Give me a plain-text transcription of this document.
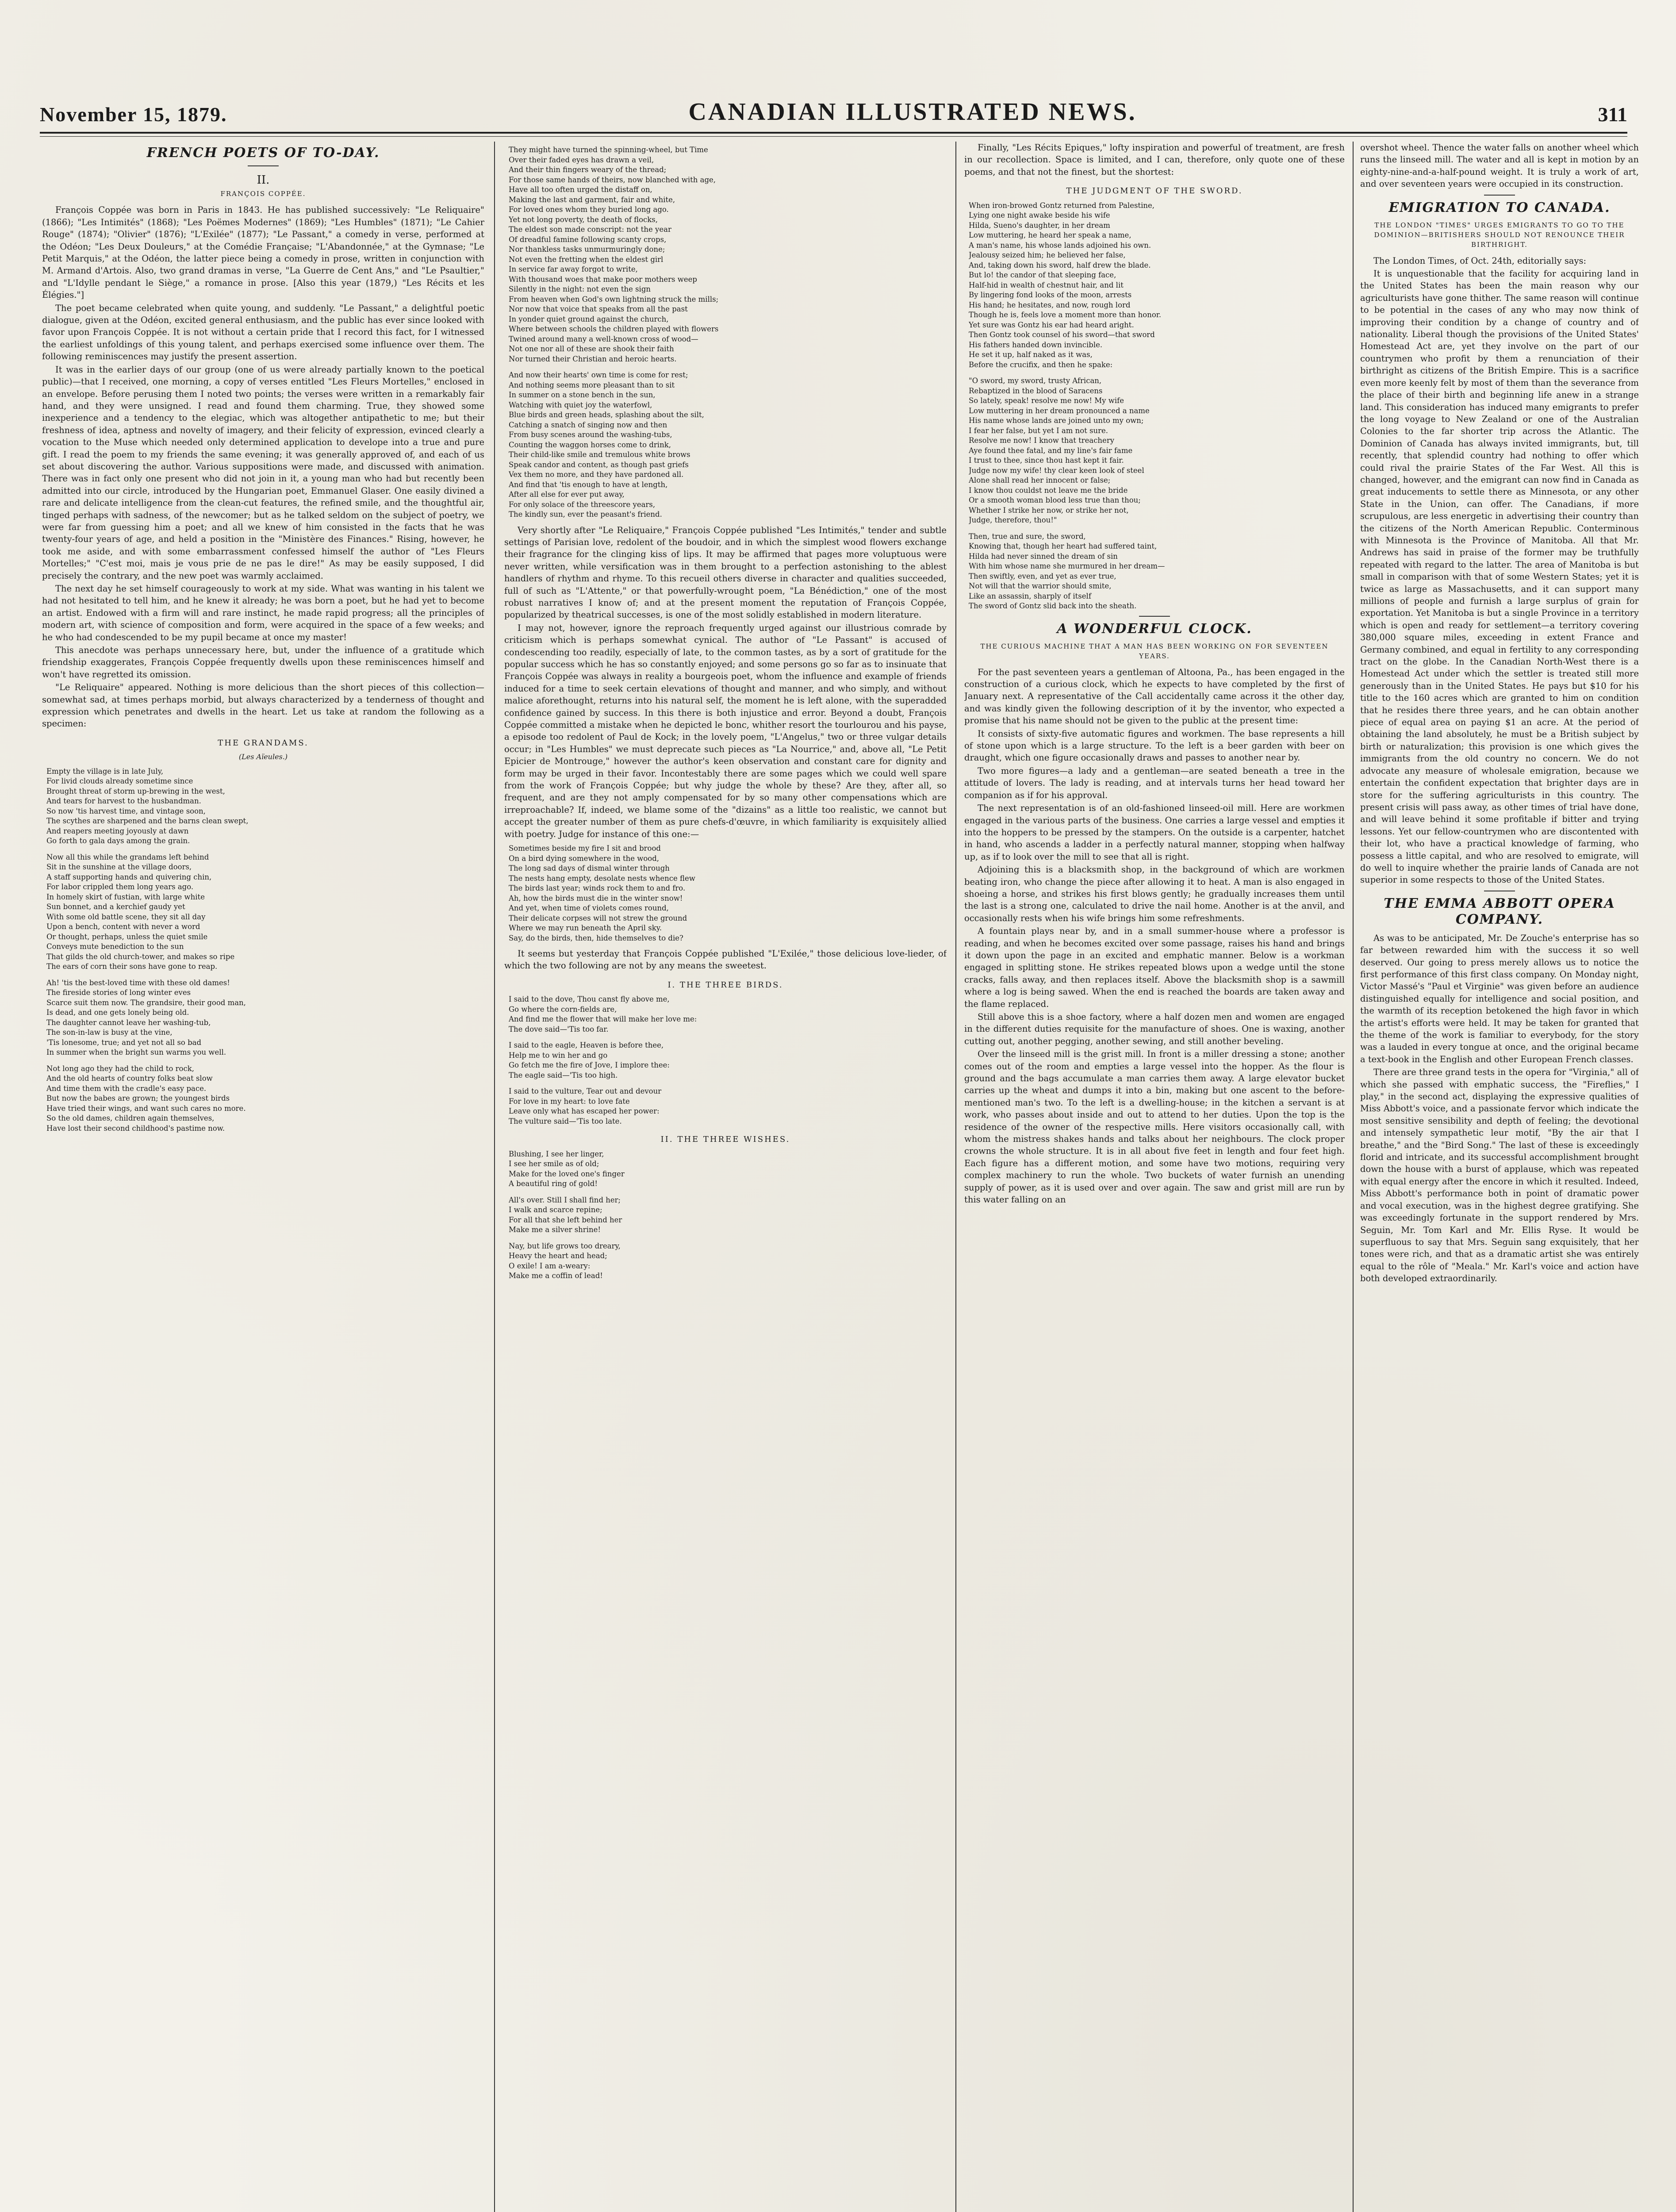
November 15, 1879.	CANADIAN ILLUSTRATED NEWS.	311
FRENCH POETS OF TO-DAY.
II.
FRANÇOIS COPPÉE.

François Coppée was born in Paris in 1843. He has published successively: "Le Reliquaire" (1866); "Les Intimités" (1868); "Les Poëmes Modernes" (1869); "Les Humbles" (1871); "Le Cahier Rouge" (1874); "Olivier" (1876); "L'Exilée" (1877); "Le Passant," a comedy in verse, performed at the Odéon; "Les Deux Douleurs," at the Comédie Française; "L'Abandonnée," at the Gymnase; "Le Petit Marquis," at the Odéon, the latter piece being a comedy in prose, written in conjunction with M. Armand d'Artois. Also, two grand dramas in verse, "La Guerre de Cent Ans," and "Le Psaultier," and "L'Idylle pendant le Siège," a romance in prose. [Also this year (1879,) "Les Récits et les Élégies."]

The poet became celebrated when quite young, and suddenly. "Le Passant," a delightful poetic dialogue, given at the Odéon, excited general enthusiasm, and the public has ever since looked with favor upon François Coppée. It is not without a certain pride that I record this fact, for I witnessed the earliest unfoldings of this young talent, and perhaps exercised some influence over them. The following reminiscences may justify the present assertion.

It was in the earlier days of our group (one of us were already partially known to the poetical public)—that I received, one morning, a copy of verses entitled "Les Fleurs Mortelles," enclosed in an envelope. Before perusing them I noted two points; the verses were written in a remarkably fair hand, and they were unsigned. I read and found them charming. True, they showed some inexperience and a tendency to the elegiac, which was altogether antipathetic to me; but their freshness of idea, aptness and novelty of imagery, and their felicity of expression, evinced clearly a vocation to the Muse which needed only determined application to develope into a true and pure gift. I read the poem to my friends the same evening; it was generally approved of, and each of us set about discovering the author. Various suppositions were made, and discussed with animation. There was in fact only one present who did not join in it, a young man who had but recently been admitted into our circle, introduced by the Hungarian poet, Emmanuel Glaser. One easily divined a rare and delicate intelligence from the clean-cut features, the refined smile, and the thoughtful air, tinged perhaps with sadness, of the newcomer; but as he talked seldom on the subject of poetry, we were far from guessing him a poet; and all we knew of him consisted in the facts that he was twenty-four years of age, and held a position in the "Ministère des Finances." Rising, however, he took me aside, and with some embarrassment confessed himself the author of "Les Fleurs Mortelles;" "C'est moi, mais je vous prie de ne pas le dire!" As may be easily supposed, I did precisely the contrary, and the new poet was warmly acclaimed.

The next day he set himself courageously to work at my side. What was wanting in his talent we had not hesitated to tell him, and he knew it already; he was born a poet, but he had yet to become an artist. Endowed with a firm will and rare instinct, he made rapid progress; all the principles of modern art, with science of composition and form, were acquired in the space of a few weeks; and he who had condescended to be my pupil became at once my master!

This anecdote was perhaps unnecessary here, but, under the influence of a gratitude which friendship exaggerates, François Coppée frequently dwells upon these reminiscences himself and won't have regretted its omission.

"Le Reliquaire" appeared. Nothing is more delicious than the short pieces of this collection—somewhat sad, at times perhaps morbid, but always characterized by a tenderness of thought and expression which penetrates and dwells in the heart. Let us take at random the following as a specimen:

THE GRANDAMS.
(Les Aïeules.)
Empty the village is in late July,
For livid clouds already sometime since
Brought threat of storm up-brewing in the west,
And tears for harvest to the husbandman.
So now 'tis harvest time, and vintage soon,
The scythes are sharpened and the barns clean swept,
And reapers meeting joyously at dawn
Go forth to gala days among the grain.
Now all this while the grandams left behind
Sit in the sunshine at the village doors,
A staff supporting hands and quivering chin,
For labor crippled them long years ago.
In homely skirt of fustian, with large white
Sun bonnet, and a kerchief gaudy yet
With some old battle scene, they sit all day
Upon a bench, content with never a word
Or thought, perhaps, unless the quiet smile
Conveys mute benediction to the sun
That gilds the old church-tower, and makes so ripe
The ears of corn their sons have gone to reap.
Ah! 'tis the best-loved time with these old dames!
The fireside stories of long winter eves
Scarce suit them now. The grandsire, their good man,
Is dead, and one gets lonely being old.
The daughter cannot leave her washing-tub,
The son-in-law is busy at the vine,
'Tis lonesome, true; and yet not all so bad
In summer when the bright sun warms you well.
Not long ago they had the child to rock,
And the old hearts of country folks beat slow
And time them with the cradle's easy pace.
But now the babes are grown; the youngest birds
Have tried their wings, and want such cares no more.
So the old dames, children again themselves,
Have lost their second childhood's pastime now.
They might have turned the spinning-wheel, but Time
Over their faded eyes has drawn a veil,
And their thin fingers weary of the thread;
For those same hands of theirs, now blanched with age,
Have all too often urged the distaff on,
Making the last and garment, fair and white,
For loved ones whom they buried long ago.
Yet not long poverty, the death of flocks,
The eldest son made conscript: not the year
Of dreadful famine following scanty crops,
Nor thankless tasks unmurmuringly done;
Not even the fretting when the eldest girl
In service far away forgot to write,
With thousand woes that make poor mothers weep
Silently in the night: not even the sign
From heaven when God's own lightning struck the mills;
Nor now that voice that speaks from all the past
In yonder quiet ground against the church,
Where between schools the children played with flowers
Twined around many a well-known cross of wood—
Not one nor all of these are shook their faith
Nor turned their Christian and heroic hearts.
And now their hearts' own time is come for rest;
And nothing seems more pleasant than to sit
In summer on a stone bench in the sun,
Watching with quiet joy the waterfowl,
Blue birds and green heads, splashing about the silt,
Catching a snatch of singing now and then
From busy scenes around the washing-tubs,
Counting the waggon horses come to drink,
Their child-like smile and tremulous white brows
Speak candor and content, as though past griefs
Vex them no more, and they have pardoned all.
And find that 'tis enough to have at length,
After all else for ever put away,
For only solace of the threescore years,
The kindly sun, ever the peasant's friend.

Very shortly after "Le Reliquaire," François Coppée published "Les Intimités," tender and subtle settings of Parisian love, redolent of the boudoir, and in which the simplest wood flowers exchange their fragrance for the clinging kiss of lips. It may be affirmed that pages more voluptuous were never written, while versification was in them brought to a perfection astonishing to the ablest handlers of rhythm and rhyme. To this recueil others diverse in character and qualities succeeded, full of such as "L'Attente," or that powerfully-wrought poem, "La Bénédiction," one of the most robust narratives I know of; and at the present moment the reputation of François Coppée, popularized by theatrical successes, is one of the most solidly established in modern literature.

I may not, however, ignore the reproach frequently urged against our illustrious comrade by criticism which is perhaps somewhat cynical. The author of "Le Passant" is accused of condescending too readily, especially of late, to the common tastes, as by a sort of gratitude for the popular success which he has so constantly enjoyed; and some persons go so far as to insinuate that François Coppée was always in reality a bourgeois poet, whom the influence and example of friends induced for a time to seek certain elevations of thought and manner, and who simply, and without malice aforethought, returns into his natural self, the moment he is left alone, with the superadded confidence gained by success. In this there is both injustice and error. Beyond a doubt, François Coppée committed a mistake when he depicted le bonc, whither resort the tourlourou and his payse, a episode too redolent of Paul de Kock; in the lovely poem, "L'Angelus," two or three vulgar details occur; in "Les Humbles" we must deprecate such pieces as "La Nourrice," and, above all, "Le Petit Epicier de Montrouge," however the author's keen observation and constant care for dignity and form may be urged in their favor. Incontestably there are some pages which we could well spare from the work of François Coppée; but why judge the whole by these? Are they, after all, so frequent, and are they not amply compensated for by so many other compensations which are irreproachable? If, indeed, we blame some of the "dizains" as a little too realistic, we cannot but accept the greater number of them as pure chefs-d'œuvre, in which familiarity is exquisitely allied with poetry. Judge for instance of this one:—

Sometimes beside my fire I sit and brood
On a bird dying somewhere in the wood,
The long sad days of dismal winter through
The nests hang empty, desolate nests whence flew
The birds last year; winds rock them to and fro.
Ah, how the birds must die in the winter snow!
And yet, when time of violets comes round,
Their delicate corpses will not strew the ground
Where we may run beneath the April sky.
Say, do the birds, then, hide themselves to die?

It seems but yesterday that François Coppée published "L'Exilée," those delicious love-lieder, of which the two following are not by any means the sweetest.

I. THE THREE BIRDS.
I said to the dove, Thou canst fly above me,
Go where the corn-fields are,
And find me the flower that will make her love me:
The dove said—'Tis too far.
I said to the eagle, Heaven is before thee,
Help me to win her and go
Go fetch me the fire of Jove, I implore thee:
The eagle said—'Tis too high.
I said to the vulture, Tear out and devour
For love in my heart: to love fate
Leave only what has escaped her power:
The vulture said—'Tis too late.
II. THE THREE WISHES.
Blushing, I see her linger,
I see her smile as of old;
Make for the loved one's finger
A beautiful ring of gold!
All's over. Still I shall find her;
I walk and scarce repine;
For all that she left behind her
Make me a silver shrine!
Nay, but life grows too dreary,
Heavy the heart and head;
O exile! I am a-weary:
Make me a coffin of lead!

Finally, "Les Récits Epiques," lofty inspiration and powerful of treatment, are fresh in our recollection. Space is limited, and I can, therefore, only quote one of these poems, and that not the finest, but the shortest:

THE JUDGMENT OF THE SWORD.
When iron-browed Gontz returned from Palestine,
Lying one night awake beside his wife
Hilda, Sueno's daughter, in her dream
Low muttering, he heard her speak a name,
A man's name, his whose lands adjoined his own.
Jealousy seized him; he believed her false,
And, taking down his sword, half drew the blade.
But lo! the candor of that sleeping face,
Half-hid in wealth of chestnut hair, and lit
By lingering fond looks of the moon, arrests
His hand; he hesitates, and now, rough lord
Though he is, feels love a moment more than honor.
Yet sure was Gontz his ear had heard aright.
Then Gontz took counsel of his sword—that sword
His fathers handed down invincible.
He set it up, half naked as it was,
Before the crucifix, and then he spake:
"O sword, my sword, trusty African,
Rebaptized in the blood of Saracens
So lately, speak! resolve me now! My wife
Low muttering in her dream pronounced a name
His name whose lands are joined unto my own;
I fear her false, but yet I am not sure.
Resolve me now! I know that treachery
Aye found thee fatal, and my line's fair fame
I trust to thee, since thou hast kept it fair.
Judge now my wife! thy clear keen look of steel
Alone shall read her innocent or false;
I know thou couldst not leave me the bride
Or a smooth woman blood less true than thou;
Whether I strike her now, or strike her not,
Judge, therefore, thou!"
Then, true and sure, the sword,
Knowing that, though her heart had suffered taint,
Hilda had never sinned the dream of sin
With him whose name she murmured in her dream—
Then swiftly, even, and yet as ever true,
Not will that the warrior should smite,
Like an assassin, sharply of itself
The sword of Gontz slid back into the sheath.
A WONDERFUL CLOCK.
THE CURIOUS MACHINE THAT A MAN HAS BEEN WORKING ON FOR SEVENTEEN YEARS.

For the past seventeen years a gentleman of Altoona, Pa., has been engaged in the construction of a curious clock, which he expects to have completed by the first of January next. A representative of the Call accidentally came across it the other day, and was kindly given the following description of it by the inventor, who expected a promise that his name should not be given to the public at the present time:

It consists of sixty-five automatic figures and workmen. The base represents a hill of stone upon which is a large structure. To the left is a beer garden with beer on draught, which one figure occasionally draws and passes to another near by.

Two more figures—a lady and a gentleman—are seated beneath a tree in the attitude of lovers. The lady is reading, and at intervals turns her head toward her companion as if for his approval.

The next representation is of an old-fashioned linseed-oil mill. Here are workmen engaged in the various parts of the business. One carries a large vessel and empties it into the hoppers to be pressed by the stampers. On the outside is a carpenter, hatchet in hand, who ascends a ladder in a perfectly natural manner, stopping when halfway up, as if to look over the mill to see that all is right.

Adjoining this is a blacksmith shop, in the background of which are workmen beating iron, who change the piece after allowing it to heat. A man is also engaged in shoeing a horse, and strikes his first blows gently; he gradually increases them until the last is a strong one, calculated to drive the nail home. Another is at the anvil, and occasionally rests when his wife brings him some refreshments.

A fountain plays near by, and in a small summer-house where a professor is reading, and when he becomes excited over some passage, raises his hand and brings it down upon the page in an excited and emphatic manner. Below is a workman engaged in splitting stone. He strikes repeated blows upon a wedge until the stone cracks, falls away, and then replaces itself. Above the blacksmith shop is a sawmill where a log is being sawed. When the end is reached the boards are taken away and the flame replaced.

Still above this is a shoe factory, where a half dozen men and women are engaged in the different duties requisite for the manufacture of shoes. One is waxing, another cutting out, another pegging, another sewing, and still another beveling.

Over the linseed mill is the grist mill. In front is a miller dressing a stone; another comes out of the room and empties a large vessel into the hopper. As the flour is ground and the bags accumulate a man carries them away. A large elevator bucket carries up the wheat and dumps it into a bin, making but one ascent to the before-mentioned man's two. To the left is a dwelling-house; in the kitchen a servant is at work, who passes about inside and out to attend to her duties. Upon the top is the residence of the owner of the respective mills. Here visitors occasionally call, with whom the mistress shakes hands and talks about her neighbours. The clock proper crowns the whole structure. It is in all about five feet in length and four feet high. Each figure has a different motion, and some have two motions, requiring very complex machinery to run the whole. Two buckets of water furnish an unending supply of power, as it is used over and over again. The saw and grist mill are run by this water falling on an

overshot wheel. Thence the water falls on another wheel which runs the linseed mill. The water and all is kept in motion by an eighty-nine-and-a-half-pound weight. It is truly a work of art, and over seventeen years were occupied in its construction.

EMIGRATION TO CANADA.
THE LONDON "TIMES" URGES EMIGRANTS TO GO TO THE DOMINION—BRITISHERS SHOULD NOT RENOUNCE THEIR BIRTHRIGHT.

The London Times, of Oct. 24th, editorially says:

It is unquestionable that the facility for acquiring land in the United States has been the main reason why our agriculturists have gone thither. The same reason will continue to be potential in the cases of any who may now think of improving their condition by a change of country and of nationality. Liberal though the provisions of the United States' Homestead Act are, yet they involve on the part of our countrymen who profit by them a renunciation of their birthright as citizens of the British Empire. This is a sacrifice even more keenly felt by most of them than the severance from the place of their birth and beginning life anew in a strange land. This consideration has induced many emigrants to prefer the long voyage to New Zealand or one of the Australian Colonies to the far shorter trip across the Atlantic. The Dominion of Canada has always invited immigrants, but, till recently, that splendid country had nothing to offer which could rival the prairie States of the Far West. All this is changed, however, and the emigrant can now find in Canada as great inducements to settle there as Minnesota, or any other State in the Union, can offer. The Canadians, if more scrupulous, are less energetic in advertising their country than the citizens of the North American Republic. Conterminous with Minnesota is the Province of Manitoba. All that Mr. Andrews has said in praise of the former may be truthfully repeated with regard to the latter. The area of Manitoba is but small in comparison with that of some Western States; yet it is twice as large as Massachusetts, and it can support many millions of people and furnish a large surplus of grain for exportation. Yet Manitoba is but a single Province in a territory which is open and ready for settlement—a territory covering 380,000 square miles, exceeding in extent France and Germany combined, and equal in fertility to any corresponding tract on the globe. In the Canadian North-West there is a Homestead Act under which the settler is treated still more generously than in the United States. He pays but $10 for his title to the 160 acres which are granted to him on condition that he resides there three years, and he can obtain another piece of equal area on paying $1 an acre. At the period of obtaining the land absolutely, he must be a British subject by birth or naturalization; this provision is one which gives the immigrants from the old country no concern. We do not advocate any measure of wholesale emigration, because we entertain the confident expectation that brighter days are in store for the suffering agriculturists in this country. The present crisis will pass away, as other times of trial have done, and will leave behind it some profitable if bitter and trying lessons. Yet our fellow-countrymen who are discontented with their lot, who have a practical knowledge of farming, who possess a little capital, and who are resolved to emigrate, will do well to inquire whether the prairie lands of Canada are not superior in some respects to those of the United States.

THE EMMA ABBOTT OPERA COMPANY.

As was to be anticipated, Mr. De Zouche's enterprise has so far between rewarded him with the success it so well deserved. Our going to press merely allows us to notice the first performance of this first class company. On Monday night, Victor Massé's "Paul et Virginie" was given before an audience distinguished equally for intelligence and social position, and the warmth of its reception betokened the high favor in which the artist's efforts were held. It may be taken for granted that the theme of the work is familiar to everybody, for the story was a lauded in every tongue at once, and the original became a text-book in the English and other European French classes.

There are three grand tests in the opera for "Virginia," all of which she passed with emphatic success, the "Fireflies," I play," in the second act, displaying the expressive qualities of Miss Abbott's voice, and a passionate fervor which indicate the most sensitive sensibility and depth of feeling; the devotional and intensely sympathetic leur motif, "By the air that I breathe," and the "Bird Song." The last of these is exceedingly florid and intricate, and its successful accomplishment brought down the house with a burst of applause, which was repeated with equal energy after the encore in which it resulted. Indeed, Miss Abbott's performance both in point of dramatic power and vocal execution, was in the highest degree gratifying. She was exceedingly fortunate in the support rendered by Mrs. Seguin, Mr. Tom Karl and Mr. Ellis Ryse. It would be superfluous to say that Mrs. Seguin sang exquisitely, that her tones were rich, and that as a dramatic artist she was entirely equal to the rôle of "Meala." Mr. Karl's voice and action have both developed extraordinarily.
